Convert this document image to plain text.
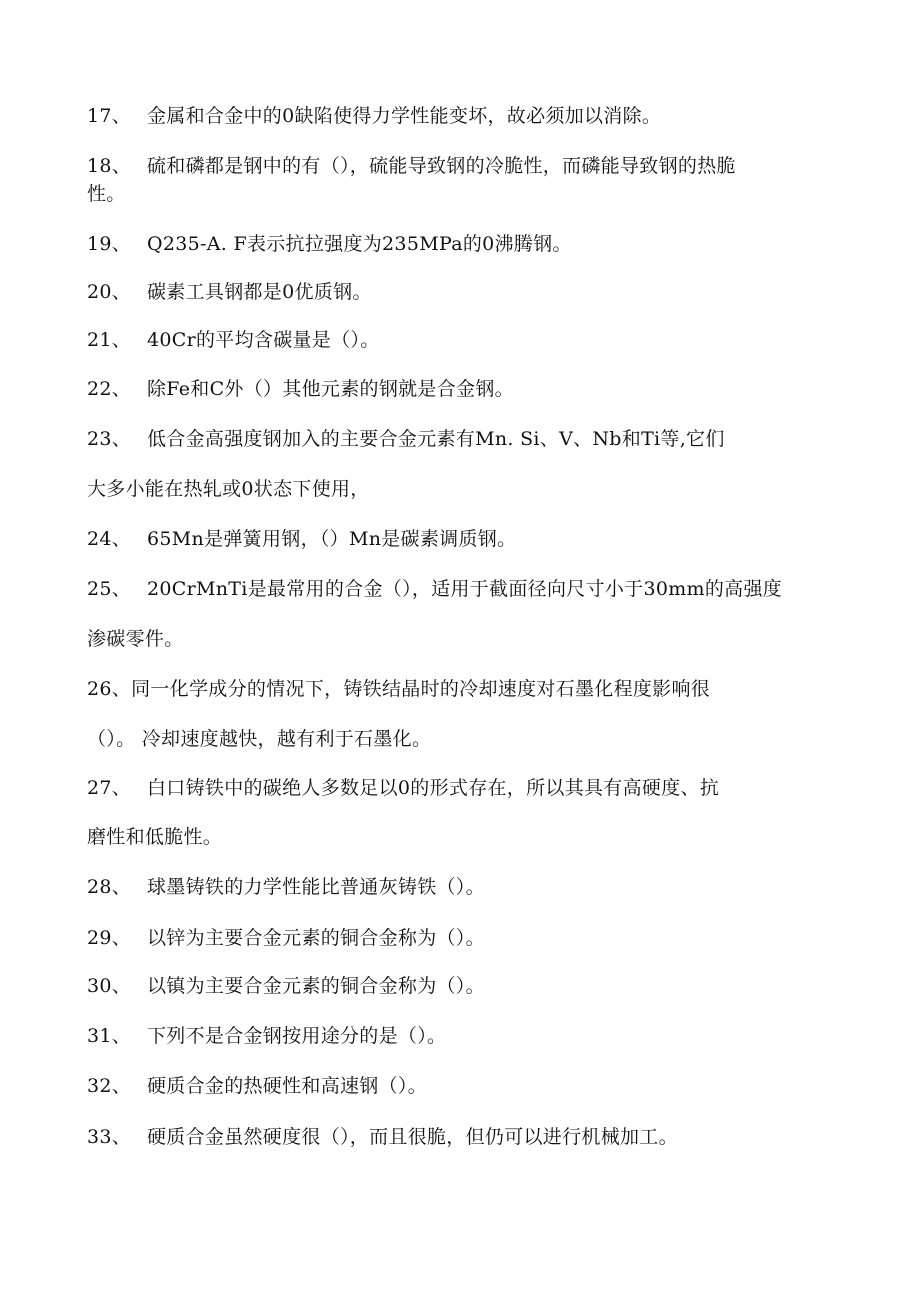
17、 金属和合金中的0缺陷使得力学性能变坏，故必须加以消除。
18、 硫和磷都是钢中的有（），硫能导致钢的冷脆性，而磷能导致钢的热脆
性。
19、 Q235-A. F表示抗拉强度为235MPa的0沸腾钢。
20、 碳素工具钢都是0优质钢。
21、 40Cr的平均含碳量是（）。
22、 除Fe和C外（）其他元素的钢就是合金钢。
23、 低合金高强度钢加入的主要合金元素有Mn. Si、V、Nb和Ti等,它们
大多小能在热轧或0状态下使用，
24、 65Mn是弹簧用钢，（）Mn是碳素调质钢。
25、 20CrMnTi是最常用的合金（），适用于截面径向尺寸小于30mm的高强度
渗碳零件。
26、同一化学成分的情况下，铸铁结晶时的冷却速度对石墨化程度影响很
（）。 冷却速度越快，越有利于石墨化。
27、 白口铸铁中的碳绝人多数足以0的形式存在，所以其具有高硬度、抗
磨性和低脆性。
28、 球墨铸铁的力学性能比普通灰铸铁（）。
29、 以锌为主要合金元素的铜合金称为（）。
30、 以镇为主要合金元素的铜合金称为（）。
31、 下列不是合金钢按用途分的是（）。
32、 硬质合金的热硬性和高速钢（）。
33、 硬质合金虽然硬度很（），而且很脆，但仍可以进行机械加工。
